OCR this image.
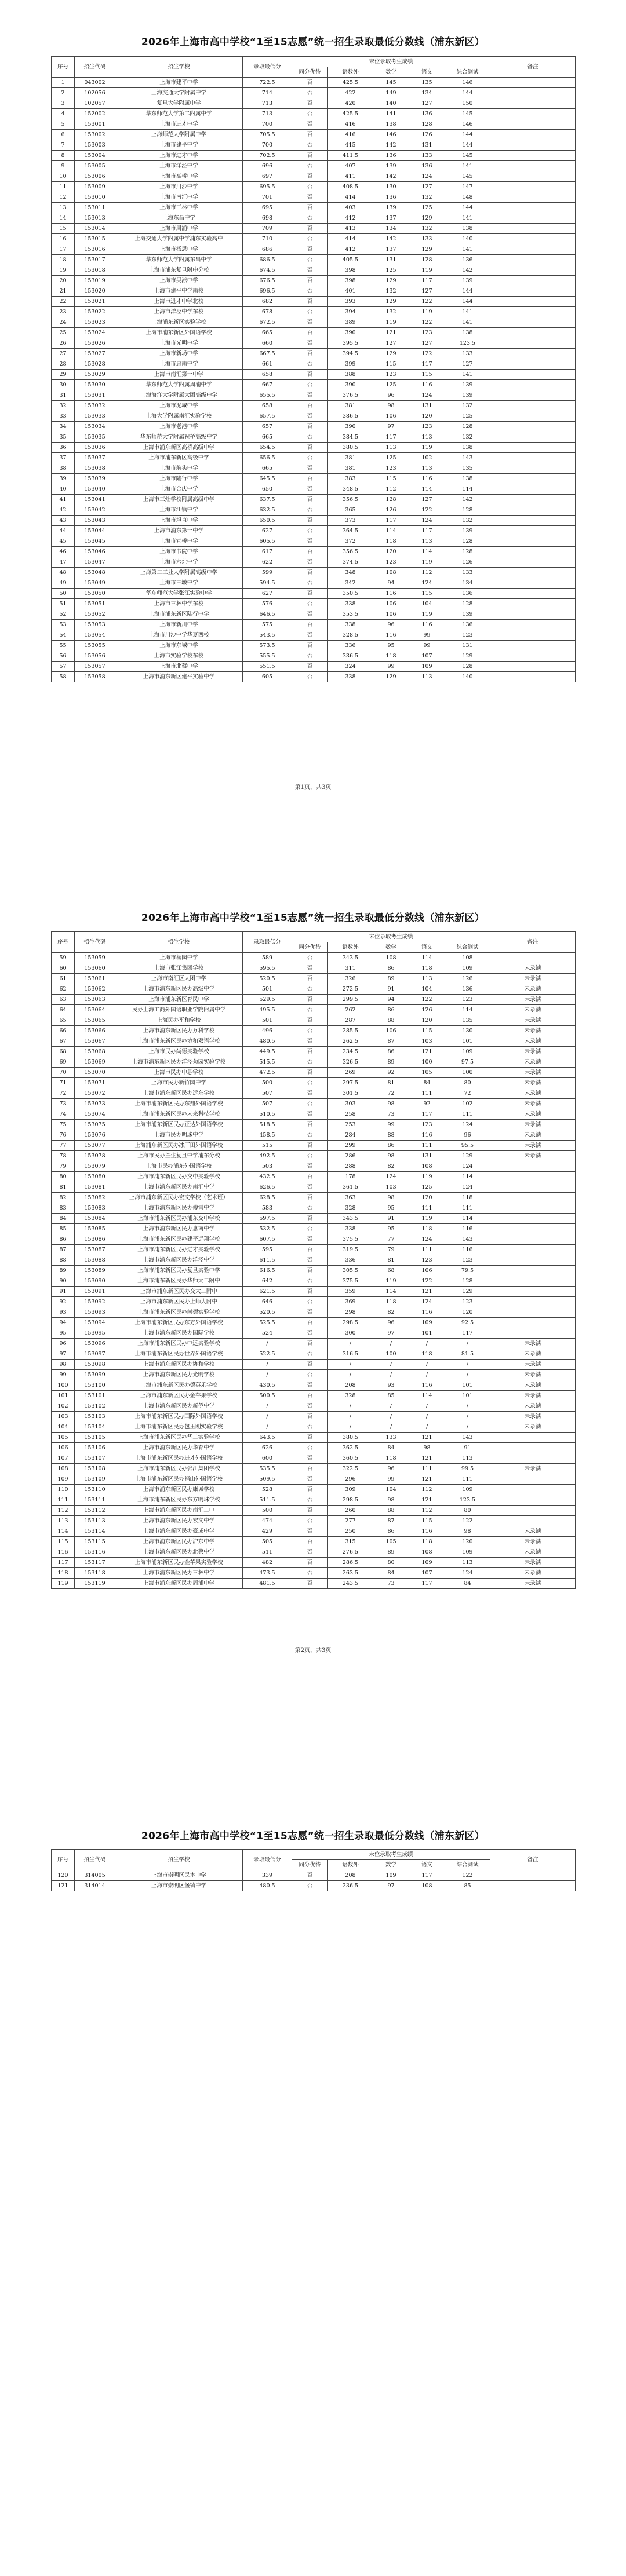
2026年上海市高中学校“1至15志愿”统一招生录取最低分数线（浦东新区）
序号	招生代码	招生学校	录取最低分	末位录取考生成绩					备注
				同分优待	语数外	数学	语文	综合测试	
1	043002	上海市建平中学	722.5	否	425.5	145	135	146	
2	102056	上海交通大学附属中学	714	否	422	149	134	144	
3	102057	复旦大学附属中学	713	否	420	140	127	150	
4	152002	华东师范大学第二附属中学	713	否	425.5	141	136	145	
5	153001	上海市进才中学	700	否	416	138	128	146	
6	153002	上海师范大学附属中学	705.5	否	416	146	126	144	
7	153003	上海市建平中学	700	否	415	142	131	144	
8	153004	上海市进才中学	702.5	否	411.5	136	133	145	
9	153005	上海市洋泾中学	696	否	407	139	136	141	
10	153006	上海市高桥中学	697	否	411	142	124	145	
11	153009	上海市川沙中学	695.5	否	408.5	130	127	147	
12	153010	上海市南汇中学	701	否	414	136	132	148	
13	153011	上海市三林中学	695	否	403	139	125	144	
14	153013	上海东昌中学	698	否	412	137	129	141	
15	153014	上海市周浦中学	709	否	413	134	132	138	
16	153015	上海交通大学附属中学浦东实验高中	710	否	414	142	133	140	
17	153016	上海市杨思中学	686	否	412	137	129	141	
18	153017	华东师范大学附属东昌中学	686.5	否	405.5	131	128	136	
19	153018	上海市浦东复旦附中分校	674.5	否	398	125	119	142	
20	153019	上海市吴淞中学	676.5	否	398	129	117	139	
21	153020	上海市建平中学南校	696.5	否	401	132	127	144	
22	153021	上海市进才中学北校	682	否	393	129	122	144	
23	153022	上海市洋泾中学东校	678	否	394	132	119	141	
24	153023	上海浦东新区实验学校	672.5	否	389	119	122	141	
25	153024	上海市浦东新区外国语学校	665	否	390	121	123	138	
26	153026	上海市光明中学	660	否	395.5	127	127	123.5	
27	153027	上海市新场中学	667.5	否	394.5	129	122	133	
28	153028	上海市惠南中学	661	否	399	115	117	127	
29	153029	上海市南汇第一中学	658	否	388	123	115	141	
30	153030	华东师范大学附属周浦中学	667	否	390	125	116	139	
31	153031	上海海洋大学附属大团高级中学	655.5	否	376.5	96	124	139	
32	153032	上海市泥城中学	658	否	381	98	131	132	
33	153033	上海大学附属南汇实验学校	657.5	否	386.5	106	120	125	
34	153034	上海市老港中学	657	否	390	97	123	128	
35	153035	华东师范大学附属祝桥高级中学	665	否	384.5	117	113	132	
36	153036	上海市浦东新区高桥高级中学	654.5	否	380.5	113	119	138	
37	153037	上海市浦东新区高级中学	656.5	否	381	125	102	143	
38	153038	上海市航头中学	665	否	381	123	113	135	
39	153039	上海市陆行中学	645.5	否	383	115	116	138	
40	153040	上海市合庆中学	650	否	348.5	112	114	114	
41	153041	上海市三灶学校附属高级中学	637.5	否	356.5	128	127	142	
42	153042	上海市江镇中学	632.5	否	365	126	122	128	
43	153043	上海市坦直中学	650.5	否	373	117	124	132	
44	153044	上海市浦东第一中学	627	否	364.5	114	117	139	
45	153045	上海市宣桥中学	605.5	否	372	118	113	128	
46	153046	上海市书院中学	617	否	356.5	120	114	128	
47	153047	上海市六灶中学	622	否	374.5	123	119	126	
48	153048	上海第二工业大学附属高级中学	599	否	348	108	112	133	
49	153049	上海市三墩中学	594.5	否	342	94	124	134	
50	153050	华东师范大学张江实验中学	627	否	350.5	116	115	136	
51	153051	上海市三林中学东校	576	否	338	106	104	128	
52	153052	上海市浦东新区陆行中学	646.5	否	353.5	106	119	139	
53	153053	上海市新川中学	575	否	338	96	116	136	
54	153054	上海市川沙中学华夏西校	543.5	否	328.5	116	99	123	
55	153055	上海市东城中学	573.5	否	336	95	99	131	
56	153056	上海市实验学校东校	555.5	否	336.5	118	107	129	
57	153057	上海市北蔡中学	551.5	否	324	99	109	128	
58	153058	上海市浦东新区建平实验中学	605	否	338	129	113	140	
第1页，共3页
2026年上海市高中学校“1至15志愿”统一招生录取最低分数线（浦东新区）
序号	招生代码	招生学校	录取最低分	末位录取考生成绩					备注
				同分优待	语数外	数学	语文	综合测试	
59	153059	上海市杨园中学	589	否	343.5	108	114	108	
60	153060	上海市张江集团学校	595.5	否	311	86	118	109	未录满
61	153061	上海市南汇区大团中学	520.5	否	326	89	113	126	未录满
62	153062	上海市浦东新区民办高级中学	501	否	272.5	91	104	136	未录满
63	153063	上海市浦东新区育民中学	529.5	否	299.5	94	122	123	未录满
64	153064	民办上海工商外国语职业学院附属中学	495.5	否	262	86	126	114	未录满
65	153065	上海民办平和学校	501	否	287	88	120	135	未录满
66	153066	上海市浦东新区民办万科学校	496	否	285.5	106	115	130	未录满
67	153067	上海市浦东新区民办协和双语学校	480.5	否	262.5	87	103	101	未录满
68	153068	上海市民办尚德实验学校	449.5	否	234.5	86	121	109	未录满
69	153069	上海市浦东新区民办洋泾菊园实验学校	515.5	否	326.5	89	100	97.5	未录满
70	153070	上海市民办中芯学校	472.5	否	269	92	105	100	未录满
71	153071	上海市民办新竹园中学	500	否	297.5	81	84	80	未录满
72	153072	上海市浦东新区民办远东学校	507	否	301.5	72	111	72	未录满
73	153073	上海市浦东新区民办东鼎外国语学校	507	否	303	98	92	102	未录满
74	153074	上海市浦东新区民办未来科技学校	510.5	否	258	73	117	111	未录满
75	153075	上海市浦东新区民办正达外国语学校	518.5	否	253	99	123	124	未录满
76	153076	上海市民办明珠中学	458.5	否	284	88	116	96	未录满
77	153077	上海浦东新区民办冰厂田外国语学校	515	否	299	86	111	95.5	未录满
78	153078	上海市民办兰生复旦中学浦东分校	492.5	否	286	98	131	129	未录满
79	153079	上海市民办浦东外国语学校	503	否	288	82	108	124	
80	153080	上海市浦东新区民办交中实验学校	432.5	否	178	124	119	114	
81	153081	上海市浦东新区民办南汇中学	626.5	否	361.5	103	125	124	
82	153082	上海市浦东新区民办宏文学校（艺术班）	628.5	否	363	98	120	118	
83	153083	上海市浦东新区民办傅雷中学	583	否	328	95	111	111	
84	153084	上海市浦东新区民办浦东交中学校	597.5	否	343.5	91	119	114	
85	153085	上海市浦东新区民办惠南中学	532.5	否	338	95	118	116	
86	153086	上海市浦东新区民办建平远翔学校	607.5	否	375.5	77	124	143	
87	153087	上海市浦东新区民办进才实验学校	595	否	319.5	79	111	116	
88	153088	上海市浦东新区民办洋泾中学	611.5	否	336	81	123	123	
89	153089	上海市浦东新区民办复旦实验中学	616.5	否	305.5	68	106	79.5	
90	153090	上海市浦东新区民办华师大二附中	642	否	375.5	119	122	128	
91	153091	上海市浦东新区民办交大二附中	621.5	否	359	114	121	129	
92	153092	上海市浦东新区民办上师大附中	646	否	369	118	124	123	
93	153093	上海市浦东新区民办尚德实验学校	520.5	否	298	82	116	120	
94	153094	上海市浦东新区民办东方外国语学校	525.5	否	298.5	96	109	92.5	
95	153095	上海市浦东新区民办国际学校	524	否	300	97	101	117	
96	153096	上海市浦东新区民办中远实验学校	/	否	/	/	/	/	未录满
97	153097	上海市浦东新区民办世界外国语学校	522.5	否	316.5	100	118	81.5	未录满
98	153098	上海市浦东新区民办协和学校	/	否	/	/	/	/	未录满
99	153099	上海市浦东新区民办光明学校	/	否	/	/	/	/	未录满
100	153100	上海市浦东新区民办德英乐学校	430.5	否	208	93	116	101	未录满
101	153101	上海市浦东新区民办金苹果学校	500.5	否	328	85	114	101	未录满
102	153102	上海市浦东新区民办新侨中学	/	否	/	/	/	/	未录满
103	153103	上海市浦东新区民办国际外国语学校	/	否	/	/	/	/	未录满
104	153104	上海市浦东新区民办包玉刚实验学校	/	否	/	/	/	/	未录满
105	153105	上海市浦东新区民办华二实验学校	643.5	否	380.5	133	121	143	
106	153106	上海市浦东新区民办华育中学	626	否	362.5	84	98	91	
107	153107	上海市浦东新区民办进才外国语学校	600	否	360.5	118	121	113	
108	153108	上海市浦东新区民办张江集团学校	535.5	否	322.5	96	111	99.5	未录满
109	153109	上海市浦东新区民办福山外国语学校	509.5	否	296	99	121	111	
110	153110	上海市浦东新区民办康城学校	528	否	309	104	112	109	
111	153111	上海市浦东新区民办东方明珠学校	511.5	否	298.5	98	121	123.5	
112	153112	上海市浦东新区民办南汇二中	500	否	260	88	112	80	
113	153113	上海市浦东新区民办宏文中学	474	否	277	87	115	122	
114	153114	上海市浦东新区民办豪成中学	429	否	250	86	116	98	未录满
115	153115	上海市浦东新区民办沪东中学	505	否	315	105	118	120	未录满
116	153116	上海市浦东新区民办北蔡中学	511	否	276.5	89	108	109	未录满
117	153117	上海市浦东新区民办金苹果实验学校	482	否	286.5	80	109	113	未录满
118	153118	上海市浦东新区民办三林中学	473.5	否	263.5	84	107	124	未录满
119	153119	上海市浦东新区民办周浦中学	481.5	否	243.5	73	117	84	未录满
第2页，共3页
2026年上海市高中学校“1至15志愿”统一招生录取最低分数线（浦东新区）
序号	招生代码	招生学校	录取最低分	末位录取考生成绩					备注
				同分优待	语数外	数学	语文	综合测试	
120	314005	上海市崇明区民本中学	339	否	208	109	117	122	
121	314014	上海市崇明区堡镇中学	480.5	否	236.5	97	108	85	
